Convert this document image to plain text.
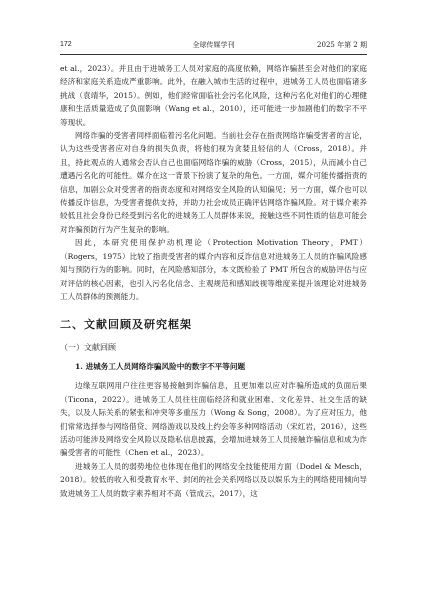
172	全球传媒学刊	2025 年第 2 期

et al.，2023）。并且由于进城务工人员对家庭的高度依赖，网络诈骗甚至会对他们的家庭经济和家庭关系造成严重影响。此外，在融入城市生活的过程中，进城务工人员也面临诸多挑战（袁靖华，2015）。例如，他们经常面临社会污名化风险，这种污名化对他们的心理健康和生活质量造成了负面影响（Wang et al.，2010），还可能进一步加剧他们的数字不平等现状。

网络诈骗的受害者同样面临着污名化问题。当前社会存在指责网络诈骗受害者的言论，认为这些受害者应对自身的损失负责，将他们视为贪婪且轻信的人（Cross，2018）。并且，持此观点的人通常会否认自己也面临网络诈骗的威胁（Cross，2015），从而减小自己遭遇污名化的可能性。媒介在这一背景下扮演了复杂的角色。一方面，媒介可能传播指责的信息，加剧公众对受害者的指责态度和对网络安全风险的认知偏见；另一方面，媒介也可以传播反诈信息，为受害者提供支持，并助力社会成员正确评估网络诈骗风险。对于媒介素养较低且社会身份已经受到污名化的进城务工人员群体来说，接触这些不同性质的信息可能会对诈骗预防行为产生复杂的影响。

因此，本研究使用保护动机理论（Protection Motivation Theory，PMT）（Rogers，1975）比较了指责受害者的媒介内容和反诈信息对进城务工人员的诈骗风险感知与预防行为的影响。同时，在风险感知部分，本文既检验了 PMT 所包含的威胁评估与应对评估的核心因素，也引入污名化信念、主观规范和感知歧视等维度来提升该理论对进城务工人员群体的预测能力。

二、文献回顾及研究框架
（一）文献回顾
1. 进城务工人员网络诈骗风险中的数字不平等问题

边缘互联网用户往往更容易接触到诈骗信息，且更加难以应对诈骗所造成的负面后果（Ticona，2022）。进城务工人员往往面临经济和就业困难、文化差异、社交生活的缺失，以及人际关系的紧张和冲突等多重压力（Wong & Song，2008）。为了应对压力，他们常常选择参与网络借贷、网络游戏以及线上约会等多种网络活动（宋红岩，2016），这些活动可能涉及网络安全风险以及隐私信息披露，会增加进城务工人员接触诈骗信息和成为诈骗受害者的可能性（Chen et al.，2023）。

进城务工人员的弱势地位也体现在他们的网络安全技能使用方面（Dodel & Mesch，2018）。较低的收入和受教育水平、封闭的社会关系网络以及以娱乐为主的网络使用倾向导致进城务工人员的数字素养相对不高（管成云，2017），这
